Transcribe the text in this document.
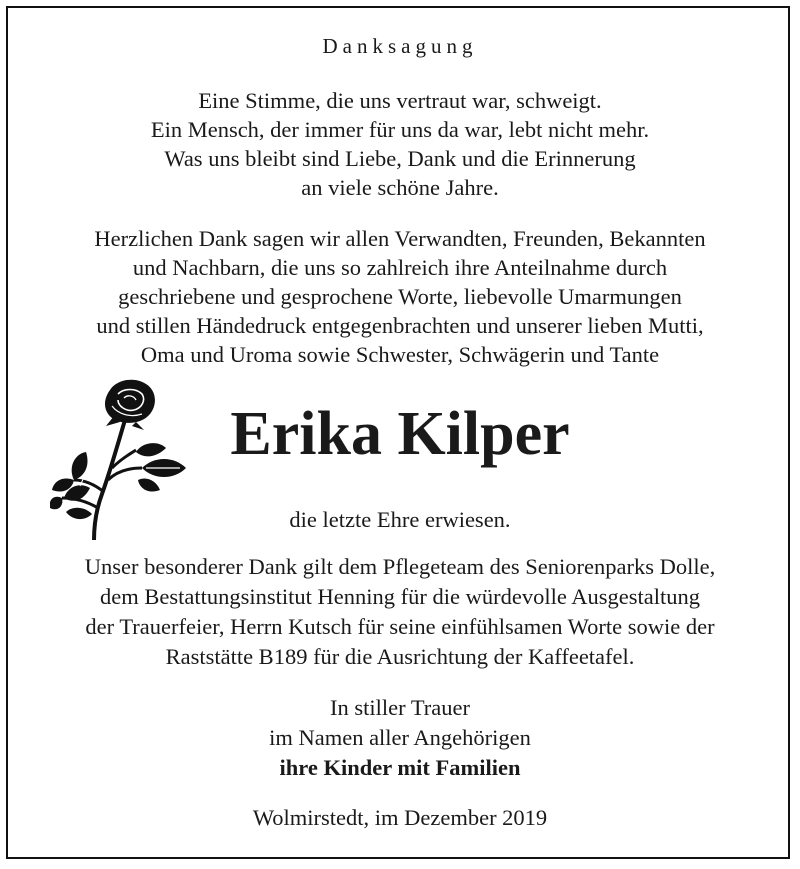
Danksagung
Eine Stimme, die uns vertraut war, schweigt.
Ein Mensch, der immer für uns da war, lebt nicht mehr.
Was uns bleibt sind Liebe, Dank und die Erinnerung
an viele schöne Jahre.
Herzlichen Dank sagen wir allen Verwandten, Freunden, Bekannten
und Nachbarn, die uns so zahlreich ihre Anteilnahme durch
geschriebene und gesprochene Worte, liebevolle Umarmungen
und stillen Händedruck entgegenbrachten und unserer lieben Mutti,
Oma und Uroma sowie Schwester, Schwägerin und Tante
Erika Kilper
die letzte Ehre erwiesen.
Unser besonderer Dank gilt dem Pflegeteam des Seniorenparks Dolle,
dem Bestattungsinstitut Henning für die würdevolle Ausgestaltung
der Trauerfeier, Herrn Kutsch für seine einfühlsamen Worte sowie der
Raststätte B189 für die Ausrichtung der Kaffeetafel.
In stiller Trauer
im Namen aller Angehörigen
ihre Kinder mit Familien
Wolmirstedt, im Dezember 2019
